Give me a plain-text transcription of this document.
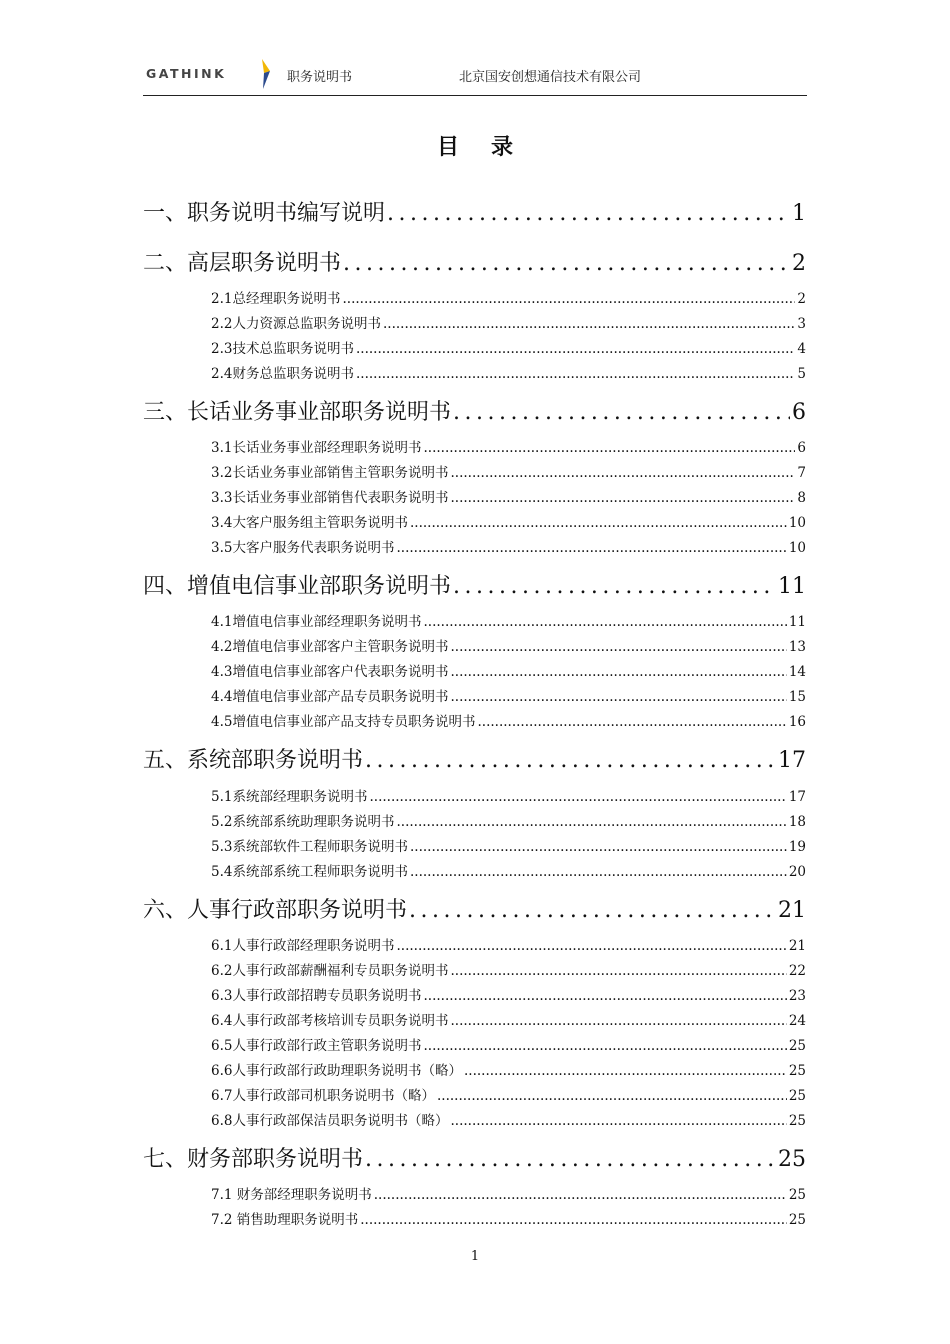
GATHINK	职务说明书	北京国安创想通信技术有限公司
目录
一、职务说明书编写说明 .....	1
二、高层职务说明书 .....	2
2.1总经理职务说明书 .....	2
2.2人力资源总监职务说明书 .....	3
2.3技术总监职务说明书 .....	4
2.4财务总监职务说明书 .....	5
三、长话业务事业部职务说明书 .....	6
3.1长话业务事业部经理职务说明书 .....	6
3.2长话业务事业部销售主管职务说明书 .....	7
3.3长话业务事业部销售代表职务说明书 .....	8
3.4大客户服务组主管职务说明书 .....	10
3.5大客户服务代表职务说明书 .....	10
四、增值电信事业部职务说明书 .....	11
4.1增值电信事业部经理职务说明书 .....	11
4.2增值电信事业部客户主管职务说明书 .....	13
4.3增值电信事业部客户代表职务说明书 .....	14
4.4增值电信事业部产品专员职务说明书 .....	15
4.5增值电信事业部产品支持专员职务说明书 .....	16
五、系统部职务说明书 .....	17
5.1系统部经理职务说明书 .....	17
5.2系统部系统助理职务说明书 .....	18
5.3系统部软件工程师职务说明书 .....	19
5.4系统部系统工程师职务说明书 .....	20
六、人事行政部职务说明书 .....	21
6.1人事行政部经理职务说明书 .....	21
6.2人事行政部薪酬福利专员职务说明书 .....	22
6.3人事行政部招聘专员职务说明书 .....	23
6.4人事行政部考核培训专员职务说明书 .....	24
6.5人事行政部行政主管职务说明书 .....	25
6.6人事行政部行政助理职务说明书（略） .....	25
6.7人事行政部司机职务说明书（略） .....	25
6.8人事行政部保洁员职务说明书（略） .....	25
七、财务部职务说明书 .....	25
7.1 财务部经理职务说明书 .....	25
7.2 销售助理职务说明书 .....	25
1
